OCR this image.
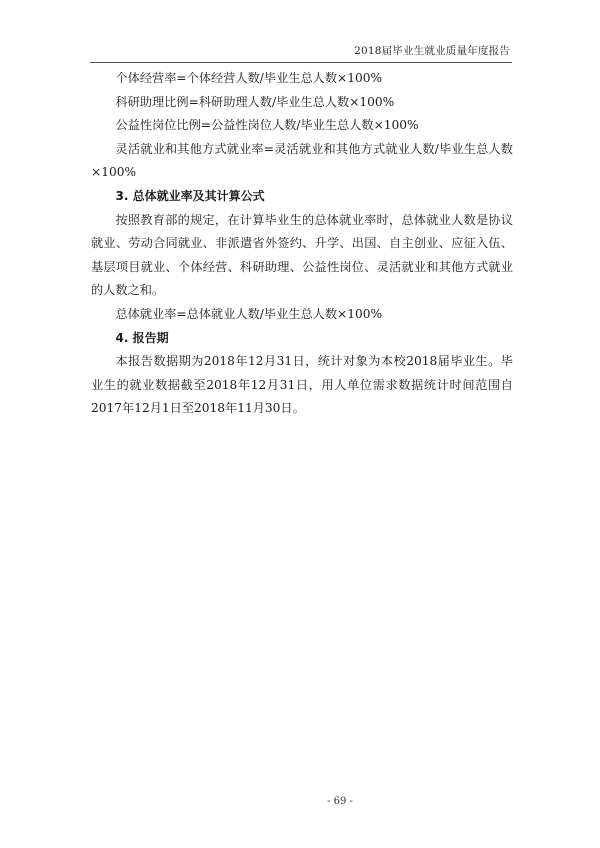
2018届毕业生就业质量年度报告

个体经营率=个体经营人数/毕业生总人数×100%

科研助理比例=科研助理人数/毕业生总人数×100%

公益性岗位比例=公益性岗位人数/毕业生总人数×100%

灵活就业和其他方式就业率=灵活就业和其他方式就业人数/毕业生总人数×100%

3. 总体就业率及其计算公式

按照教育部的规定，在计算毕业生的总体就业率时，总体就业人数是协议就业、劳动合同就业、非派遣省外签约、升学、出国、自主创业、应征入伍、基层项目就业、个体经营、科研助理、公益性岗位、灵活就业和其他方式就业的人数之和。

总体就业率=总体就业人数/毕业生总人数×100%

4. 报告期

本报告数据期为2018年12月31日，统计对象为本校2018届毕业生。毕业生的就业数据截至2018年12月31日，用人单位需求数据统计时间范围自2017年12月1日至2018年11月30日。

- 69 -
